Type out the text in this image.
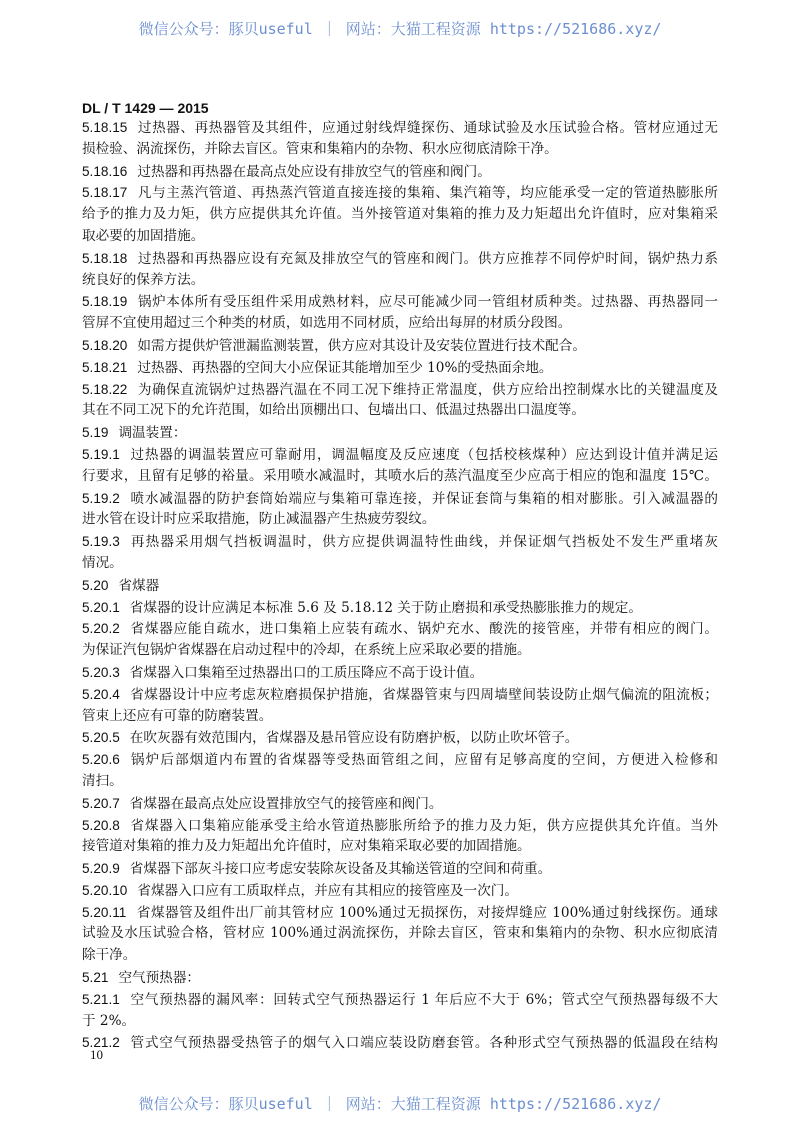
微信公众号：豚贝useful ｜ 网站：大猫工程资源 https://521686.xyz/
DL / T 1429 — 2015
5.18.15 过热器、再热器管及其组件，应通过射线焊缝探伤、通球试验及水压试验合格。管材应通过无
损检验、涡流探伤，并除去盲区。管束和集箱内的杂物、积水应彻底清除干净。
5.18.16 过热器和再热器在最高点处应设有排放空气的管座和阀门。
5.18.17 凡与主蒸汽管道、再热蒸汽管道直接连接的集箱、集汽箱等，均应能承受一定的管道热膨胀所
给予的推力及力矩，供方应提供其允许值。当外接管道对集箱的推力及力矩超出允许值时，应对集箱采
取必要的加固措施。
5.18.18 过热器和再热器应设有充氮及排放空气的管座和阀门。供方应推荐不同停炉时间，锅炉热力系
统良好的保养方法。
5.18.19 锅炉本体所有受压组件采用成熟材料，应尽可能减少同一管组材质种类。过热器、再热器同一
管屏不宜使用超过三个种类的材质，如选用不同材质，应给出每屏的材质分段图。
5.18.20 如需方提供炉管泄漏监测装置，供方应对其设计及安装位置进行技术配合。
5.18.21 过热器、再热器的空间大小应保证其能增加至少 10%的受热面余地。
5.18.22 为确保直流锅炉过热器汽温在不同工况下维持正常温度，供方应给出控制煤水比的关键温度及
其在不同工况下的允许范围，如给出顶棚出口、包墙出口、低温过热器出口温度等。
5.19 调温装置：
5.19.1 过热器的调温装置应可靠耐用，调温幅度及反应速度（包括校核煤种）应达到设计值并满足运
行要求，且留有足够的裕量。采用喷水减温时，其喷水后的蒸汽温度至少应高于相应的饱和温度 15℃。
5.19.2 喷水减温器的防护套筒始端应与集箱可靠连接，并保证套筒与集箱的相对膨胀。引入减温器的
进水管在设计时应采取措施，防止减温器产生热疲劳裂纹。
5.19.3 再热器采用烟气挡板调温时，供方应提供调温特性曲线，并保证烟气挡板处不发生严重堵灰
情况。
5.20 省煤器
5.20.1 省煤器的设计应满足本标准 5.6 及 5.18.12 关于防止磨损和承受热膨胀推力的规定。
5.20.2 省煤器应能自疏水，进口集箱上应装有疏水、锅炉充水、酸洗的接管座，并带有相应的阀门。
为保证汽包锅炉省煤器在启动过程中的冷却，在系统上应采取必要的措施。
5.20.3 省煤器入口集箱至过热器出口的工质压降应不高于设计值。
5.20.4 省煤器设计中应考虑灰粒磨损保护措施，省煤器管束与四周墙壁间装设防止烟气偏流的阻流板；
管束上还应有可靠的防磨装置。
5.20.5 在吹灰器有效范围内，省煤器及悬吊管应设有防磨护板，以防止吹坏管子。
5.20.6 锅炉后部烟道内布置的省煤器等受热面管组之间，应留有足够高度的空间，方便进入检修和
清扫。
5.20.7 省煤器在最高点处应设置排放空气的接管座和阀门。
5.20.8 省煤器入口集箱应能承受主给水管道热膨胀所给予的推力及力矩，供方应提供其允许值。当外
接管道对集箱的推力及力矩超出允许值时，应对集箱采取必要的加固措施。
5.20.9 省煤器下部灰斗接口应考虑安装除灰设备及其输送管道的空间和荷重。
5.20.10 省煤器入口应有工质取样点，并应有其相应的接管座及一次门。
5.20.11 省煤器管及组件出厂前其管材应 100%通过无损探伤，对接焊缝应 100%通过射线探伤。通球
试验及水压试验合格，管材应 100%通过涡流探伤，并除去盲区，管束和集箱内的杂物、积水应彻底清
除干净。
5.21 空气预热器：
5.21.1 空气预热器的漏风率：回转式空气预热器运行 1 年后应不大于 6%；管式空气预热器每级不大
于 2%。
5.21.2 管式空气预热器受热管子的烟气入口端应装设防磨套管。各种形式空气预热器的低温段在结构
10
微信公众号：豚贝useful ｜ 网站：大猫工程资源 https://521686.xyz/
